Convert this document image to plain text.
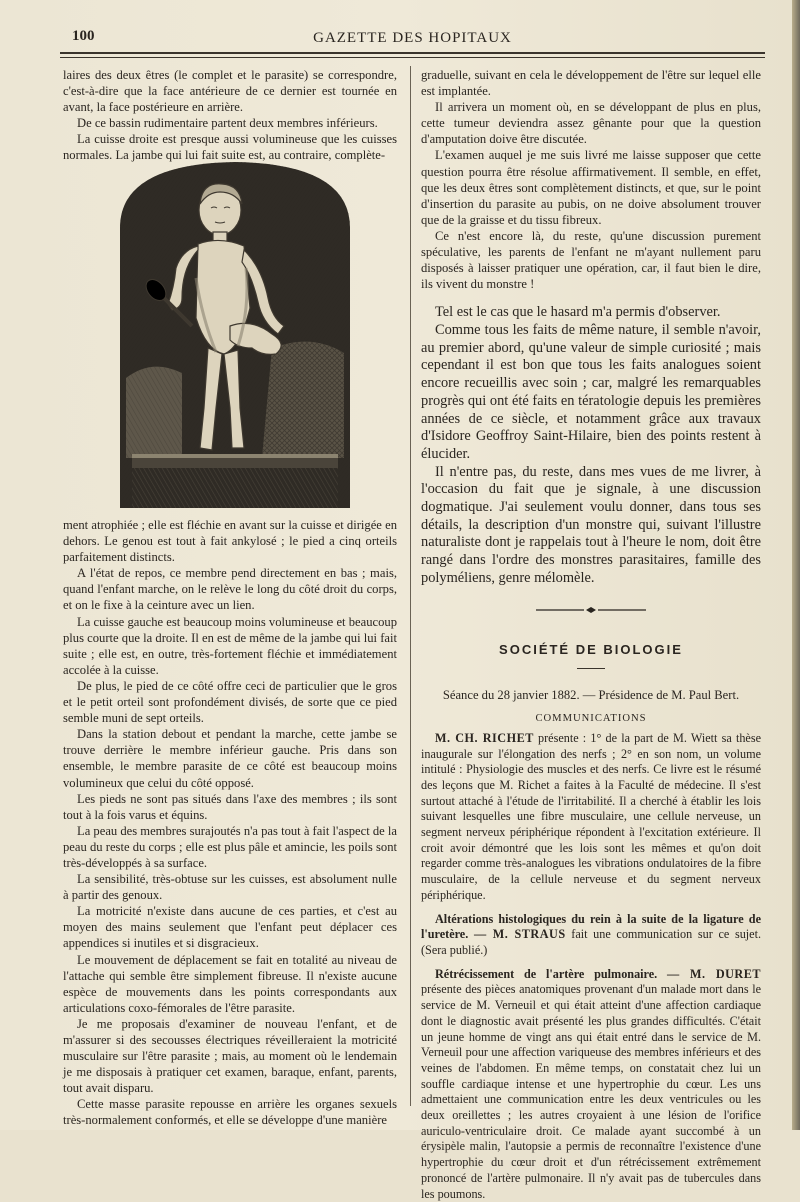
100	GAZETTE DES HOPITAUX

laires des deux êtres (le complet et le parasite) se correspondre, c'est-à-dire que la face antérieure de ce dernier est tournée en avant, la face postérieure en arrière.

De ce bassin rudimentaire partent deux membres inférieurs.

La cuisse droite est presque aussi volumineuse que les cuisses normales. La jambe qui lui fait suite est, au contraire, complète-

ment atrophiée ; elle est fléchie en avant sur la cuisse et dirigée en dehors. Le genou est tout à fait ankylosé ; le pied a cinq orteils parfaitement distincts.

A l'état de repos, ce membre pend directement en bas ; mais, quand l'enfant marche, on le relève le long du côté droit du corps, et on le fixe à la ceinture avec un lien.

La cuisse gauche est beaucoup moins volumineuse et beaucoup plus courte que la droite. Il en est de même de la jambe qui lui fait suite ; elle est, en outre, très-fortement fléchie et immédiatement accolée à la cuisse.

De plus, le pied de ce côté offre ceci de particulier que le gros et le petit orteil sont profondément divisés, de sorte que ce pied semble muni de sept orteils.

Dans la station debout et pendant la marche, cette jambe se trouve derrière le membre inférieur gauche. Pris dans son ensemble, le membre parasite de ce côté est beaucoup moins volumineux que celui du côté opposé.

Les pieds ne sont pas situés dans l'axe des membres ; ils sont tout à la fois varus et équins.

La peau des membres surajoutés n'a pas tout à fait l'aspect de la peau du reste du corps ; elle est plus pâle et amincie, les poils sont très-développés à sa surface.

La sensibilité, très-obtuse sur les cuisses, est absolument nulle à partir des genoux.

La motricité n'existe dans aucune de ces parties, et c'est au moyen des mains seulement que l'enfant peut déplacer ces appendices si inutiles et si disgracieux.

Le mouvement de déplacement se fait en totalité au niveau de l'attache qui semble être simplement fibreuse. Il n'existe aucune espèce de mouvements dans les points correspondants aux articulations coxo-fémorales de l'être parasite.

Je me proposais d'examiner de nouveau l'enfant, et de m'assurer si des secousses électriques réveilleraient la motricité musculaire sur l'être parasite ; mais, au moment où le lendemain je me disposais à pratiquer cet examen, baraque, enfant, parents, tout avait disparu.

Cette masse parasite repousse en arrière les organes sexuels très-normalement conformés, et elle se développe d'une manière

graduelle, suivant en cela le développement de l'être sur lequel elle est implantée.

Il arrivera un moment où, en se développant de plus en plus, cette tumeur deviendra assez gênante pour que la question d'amputation doive être discutée.

L'examen auquel je me suis livré me laisse supposer que cette question pourra être résolue affirmativement. Il semble, en effet, que les deux êtres sont complètement distincts, et que, sur le point d'insertion du parasite au pubis, on ne doive absolument trouver que de la graisse et du tissu fibreux.

Ce n'est encore là, du reste, qu'une discussion purement spéculative, les parents de l'enfant ne m'ayant nullement paru disposés à laisser pratiquer une opération, car, il faut bien le dire, ils vivent du monstre !

Tel est le cas que le hasard m'a permis d'observer.

Comme tous les faits de même nature, il semble n'avoir, au premier abord, qu'une valeur de simple curiosité ; mais cependant il est bon que tous les faits analogues soient encore recueillis avec soin ; car, malgré les remarquables progrès qui ont été faits en tératologie depuis les premières années de ce siècle, et notamment grâce aux travaux d'Isidore Geoffroy Saint-Hilaire, bien des points restent à élucider.

Il n'entre pas, du reste, dans mes vues de me livrer, à l'occasion du fait que je signale, à une discussion dogmatique. J'ai seulement voulu donner, dans tous ses détails, la description d'un monstre qui, suivant l'illustre naturaliste dont je rappelais tout à l'heure le nom, doit être rangé dans l'ordre des monstres parasitaires, famille des polyméliens, genre mélomèle.

SOCIÉTÉ DE BIOLOGIE
Séance du 28 janvier 1882. — Présidence de M. Paul Bert.
COMMUNICATIONS

M. CH. RICHET présente : 1° de la part de M. Wiett sa thèse inaugurale sur l'élongation des nerfs ; 2° en son nom, un volume intitulé : Physiologie des muscles et des nerfs. Ce livre est le résumé des leçons que M. Richet a faites à la Faculté de médecine. Il s'est surtout attaché à l'étude de l'irritabilité. Il a cherché à établir les lois suivant lesquelles une fibre musculaire, une cellule nerveuse, un segment nerveux périphérique répondent à l'excitation extérieure. Il croit avoir démontré que les lois sont les mêmes et qu'on doit regarder comme très-analogues les vibrations ondulatoires de la fibre musculaire, de la cellule nerveuse et du segment nerveux périphérique.

Altérations histologiques du rein à la suite de la ligature de l'uretère. — M. STRAUS fait une communication sur ce sujet. (Sera publié.)

Rétrécissement de l'artère pulmonaire. — M. DURET présente des pièces anatomiques provenant d'un malade mort dans le service de M. Verneuil et qui était atteint d'une affection cardiaque dont le diagnostic avait présenté les plus grandes difficultés. C'était un jeune homme de vingt ans qui était entré dans le service de M. Verneuil pour une affection variqueuse des membres inférieurs et des veines de l'abdomen. En même temps, on constatait chez lui un souffle cardiaque intense et une hypertrophie du cœur. Les uns admettaient une communication entre les deux ventricules ou les deux oreillettes ; les autres croyaient à une lésion de l'orifice auriculo-ventriculaire droit. Ce malade ayant succombé à un érysipèle malin, l'autopsie a permis de reconnaître l'existence d'une hypertrophie du cœur droit et d'un rétrécissement extrêmement prononcé de l'artère pulmonaire. Il n'y avait pas de tubercules dans les poumons.
